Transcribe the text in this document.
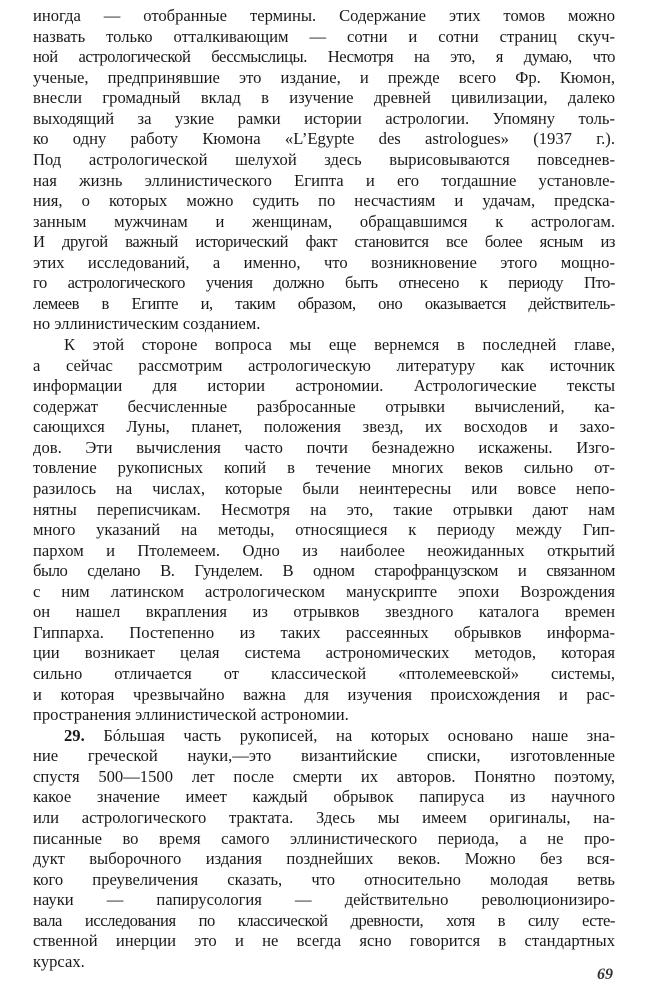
иногда — отобранные термины. Содержание этих томов можно
назвать только отталкивающим — сотни и сотни страниц скуч-
ной астрологической бессмыслицы. Несмотря на это, я думаю, что
ученые, предпринявшие это издание, и прежде всего Фр. Кюмон,
внесли громадный вклад в изучение древней цивилизации, далеко
выходящий за узкие рамки истории астрологии. Упомяну толь-
ко одну работу Кюмона «L’Egypte des astrologues» (1937 г.).
Под астрологической шелухой здесь вырисовываются повседнев-
ная жизнь эллинистического Египта и его тогдашние установле-
ния, о которых можно судить по несчастиям и удачам, предска-
занным мужчинам и женщинам, обращавшимся к астрологам.
И другой важный исторический факт становится все более ясным из
этих исследований, а именно, что возникновение этого мощно-
го астрологического учения должно быть отнесено к периоду Пто-
лемеев в Египте и, таким образом, оно оказывается действитель-
но эллинистическим созданием.
К этой стороне вопроса мы еще вернемся в последней главе,
а сейчас рассмотрим астрологическую литературу как источник
информации для истории астрономии. Астрологические тексты
содержат бесчисленные разбросанные отрывки вычислений, ка-
сающихся Луны, планет, положения звезд, их восходов и захо-
дов. Эти вычисления часто почти безнадежно искажены. Изго-
товление рукописных копий в течение многих веков сильно от-
разилось на числах, которые были неинтересны или вовсе непо-
нятны переписчикам. Несмотря на это, такие отрывки дают нам
много указаний на методы, относящиеся к периоду между Гип-
пархом и Птолемеем. Одно из наиболее неожиданных открытий
было сделано В. Гунделем. В одном старофранцузском и связанном
с ним латинском астрологическом манускрипте эпохи Возрождения
он нашел вкрапления из отрывков звездного каталога времен
Гиппарха. Постепенно из таких рассеянных обрывков информа-
ции возникает целая система астрономических методов, которая
сильно отличается от классической «птолемеевской» системы,
и которая чрезвычайно важна для изучения происхождения и рас-
пространения эллинистической астрономии.
29. Бóльшая часть рукописей, на которых основано наше зна-
ние греческой науки,—это византийские списки, изготовленные
спустя 500—1500 лет после смерти их авторов. Понятно поэтому,
какое значение имеет каждый обрывок папируса из научного
или астрологического трактата. Здесь мы имеем оригиналы, на-
писанные во время самого эллинистического периода, а не про-
дукт выборочного издания позднейших веков. Можно без вся-
кого преувеличения сказать, что относительно молодая ветвь
науки — папирусология — действительно революционизиро-
вала исследования по классической древности, хотя в силу есте-
ственной инерции это и не всегда ясно говорится в стандартных
курсах.
69
